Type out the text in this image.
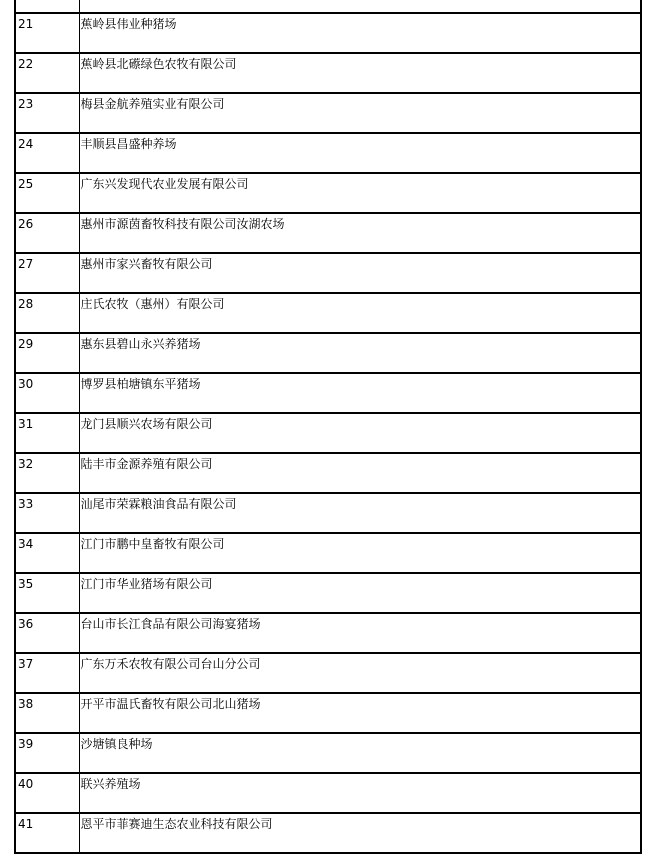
21	蕉岭县伟业种猪场
22	蕉岭县北礤绿色农牧有限公司
23	梅县金航养殖实业有限公司
24	丰顺县昌盛种养场
25	广东兴发现代农业发展有限公司
26	惠州市源茵畜牧科技有限公司汝湖农场
27	惠州市家兴畜牧有限公司
28	庄氏农牧（惠州）有限公司
29	惠东县碧山永兴养猪场
30	博罗县柏塘镇东平猪场
31	龙门县顺兴农场有限公司
32	陆丰市金源养殖有限公司
33	汕尾市荣霖粮油食品有限公司
34	江门市鹏中皇畜牧有限公司
35	江门市华业猪场有限公司
36	台山市长江食品有限公司海宴猪场
37	广东万禾农牧有限公司台山分公司
38	开平市温氏畜牧有限公司北山猪场
39	沙塘镇良种场
40	联兴养殖场
41	恩平市菲赛迪生态农业科技有限公司
